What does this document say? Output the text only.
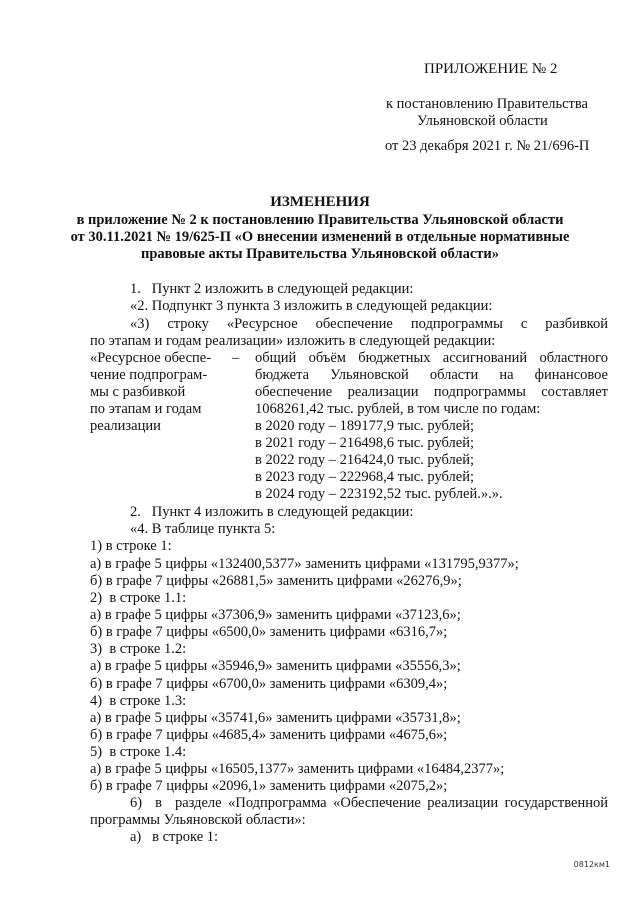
ПРИЛОЖЕНИЕ № 2
к постановлению Правительства
Ульяновской области
от 23 декабря 2021 г. № 21/696-П
ИЗМЕНЕНИЯ
в приложение № 2 к постановлению Правительства Ульяновской области
от 30.11.2021 № 19/625-П «О внесении изменений в отдельные нормативные
правовые акты Правительства Ульяновской области»
1.   Пункт 2 изложить в следующей редакции:
«2. Подпункт 3 пункта 3 изложить в следующей редакции:
«3)  строку  «Ресурсное  обеспечение  подпрограммы  с  разбивкой
по этапам и годам реализации» изложить в следующей редакции:
«Ресурсное обеспе-
чение подпрограм-
мы с разбивкой
по этапам и годам
реализации
– общий  объём  бюджетных  ассигнований  областного
бюджета    Ульяновской    области    на    финансовое
обеспечение  реализации  подпрограммы  составляет
1068261,42 тыс. рублей, в том числе по годам:
в 2020 году – 189177,9 тыс. рублей;
в 2021 году – 216498,6 тыс. рублей;
в 2022 году – 216424,0 тыс. рублей;
в 2023 году – 222968,4 тыс. рублей;
в 2024 году – 223192,52 тыс. рублей.».».
2.   Пункт 4 изложить в следующей редакции:
«4. В таблице пункта 5:
1) в строке 1:
а) в графе 5 цифры «132400,5377» заменить цифрами «131795,9377»;
б) в графе 7 цифры «26881,5» заменить цифрами «26276,9»;
2)  в строке 1.1:
а) в графе 5 цифры «37306,9» заменить цифрами «37123,6»;
б) в графе 7 цифры «6500,0» заменить цифрами «6316,7»;
3)  в строке 1.2:
а) в графе 5 цифры «35946,9» заменить цифрами «35556,3»;
б) в графе 7 цифры «6700,0» заменить цифрами «6309,4»;
4)  в строке 1.3:
а) в графе 5 цифры «35741,6» заменить цифрами «35731,8»;
б) в графе 7 цифры «4685,4» заменить цифрами «4675,6»;
5)  в строке 1.4:
а) в графе 5 цифры «16505,1377» заменить цифрами «16484,2377»;
б) в графе 7 цифры «2096,1» заменить цифрами «2075,2»;
6)  в  разделе «Подпрограмма «Обеспечение реализации государственной
программы Ульяновской области»:
а)   в строке 1:
0812км1
